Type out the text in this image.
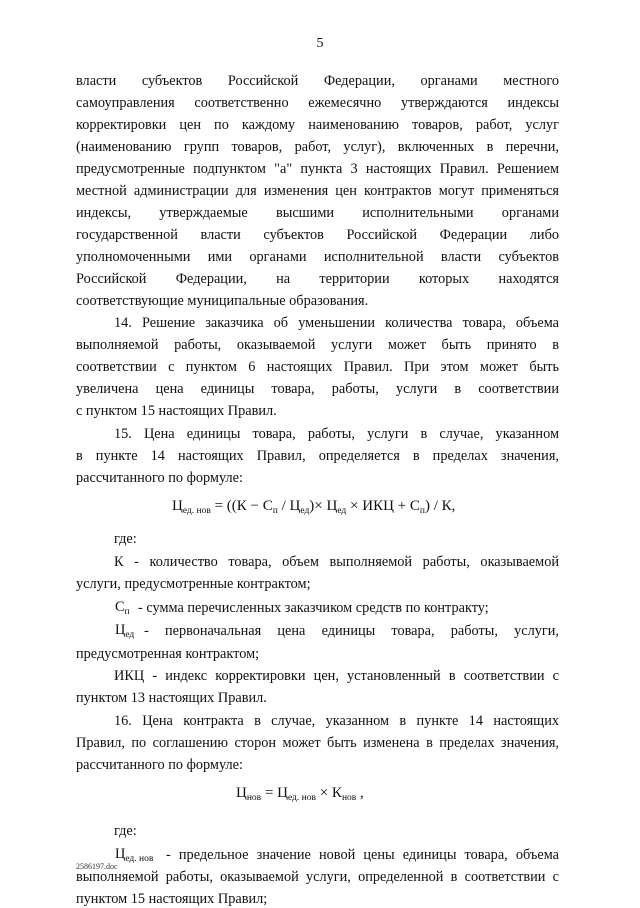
5
власти субъектов Российской Федерации, органами местного
самоуправления соответственно ежемесячно утверждаются индексы
корректировки цен по каждому наименованию товаров, работ, услуг
(наименованию групп товаров, работ, услуг), включенных в перечни,
предусмотренные подпунктом "а" пункта 3 настоящих Правил. Решением
местной администрации для изменения цен контрактов могут применяться
индексы, утверждаемые высшими исполнительными органами
государственной власти субъектов Российской Федерации либо
уполномоченными ими органами исполнительной власти субъектов
Российской Федерации, на территории которых находятся
соответствующие муниципальные образования.
14. Решение заказчика об уменьшении количества товара, объема
выполняемой работы, оказываемой услуги может быть принято в
соответствии с пунктом 6 настоящих Правил. При этом может быть
увеличена цена единицы товара, работы, услуги в соответствии
с пунктом 15 настоящих Правил.
15. Цена единицы товара, работы, услуги в случае, указанном
в пункте 14 настоящих Правил, определяется в пределах значения,
рассчитанного по формуле:
где:
К - количество товара, объем выполняемой работы, оказываемой
услуги, предусмотренные контрактом;
- сумма перечисленных заказчиком средств по контракту;
- первоначальная цена единицы товара, работы, услуги,
предусмотренная контрактом;
ИКЦ - индекс корректировки цен, установленный в соответствии с
пунктом 13 настоящих Правил.
16. Цена контракта в случае, указанном в пункте 14 настоящих
Правил, по соглашению сторон может быть изменена в пределах значения,
рассчитанного по формуле:
где:
- предельное значение новой цены единицы товара, объема
выполняемой работы, оказываемой услуги, определенной в соответствии с
пунктом 15 настоящих Правил;
$С_п$
$Ц_{ед}$
$Ц_{ед. нов}$
$Ц_{ед. нов} = ((К - С_п / Ц_{ед})\times Ц_{ед}$ × ИКЦ + $С_п$) / К,
$Ц_{нов} = Ц_{ед. нов} \times К_{нов}$ ,
2586197.doc
